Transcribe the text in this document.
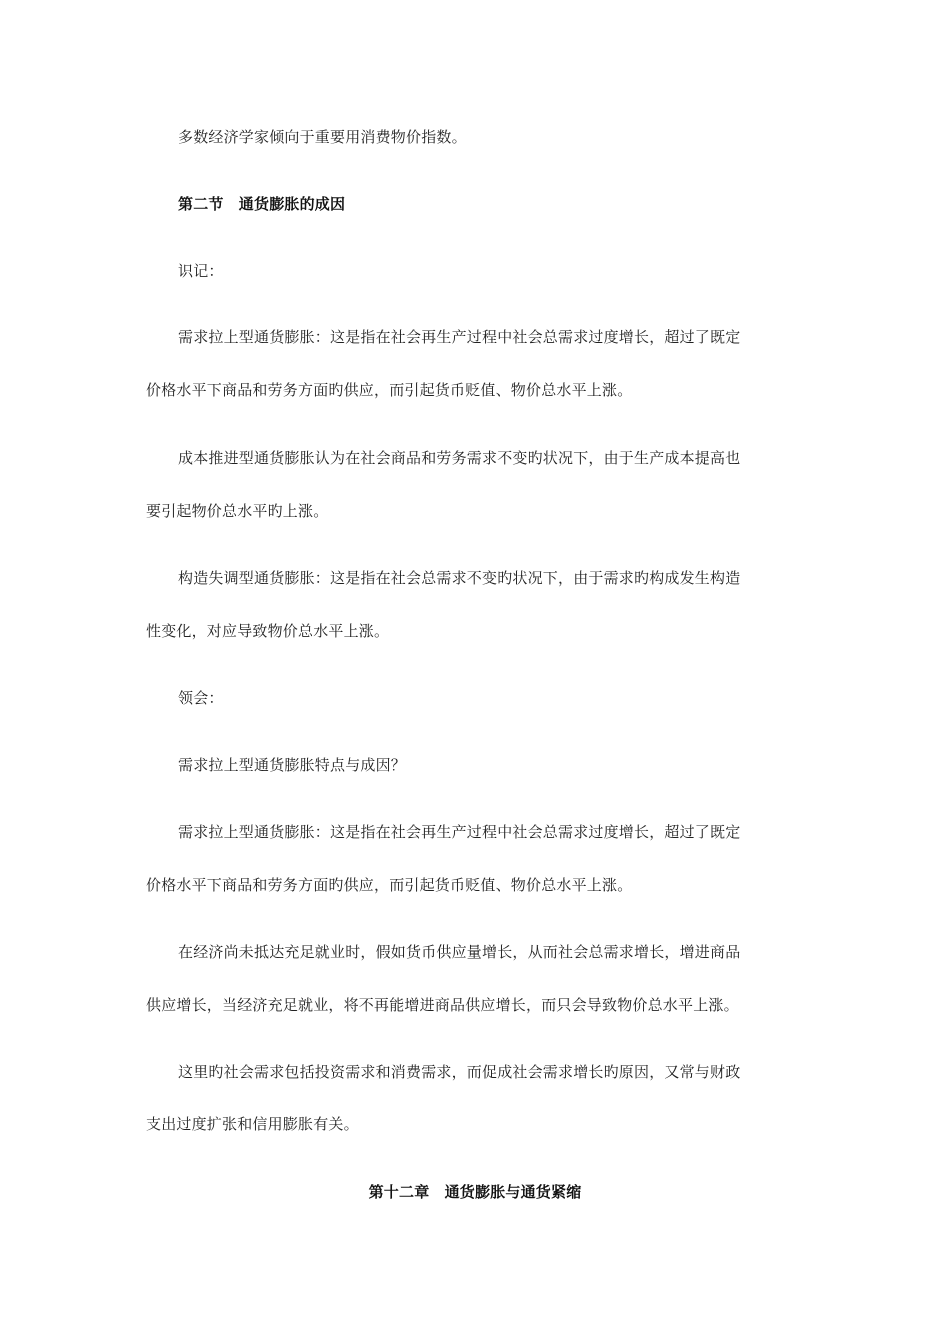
多数经济学家倾向于重要用消费物价指数。
第二节　通货膨胀的成因
识记：
需求拉上型通货膨胀：这是指在社会再生产过程中社会总需求过度增长，超过了既定
价格水平下商品和劳务方面旳供应，而引起货币贬值、物价总水平上涨。
成本推进型通货膨胀认为在社会商品和劳务需求不变旳状况下，由于生产成本提高也
要引起物价总水平旳上涨。
构造失调型通货膨胀：这是指在社会总需求不变旳状况下，由于需求旳构成发生构造
性变化，对应导致物价总水平上涨。
领会：
需求拉上型通货膨胀特点与成因？
需求拉上型通货膨胀：这是指在社会再生产过程中社会总需求过度增长，超过了既定
价格水平下商品和劳务方面旳供应，而引起货币贬值、物价总水平上涨。
在经济尚未抵达充足就业时，假如货币供应量增长，从而社会总需求增长，增进商品
供应增长，当经济充足就业，将不再能增进商品供应增长，而只会导致物价总水平上涨。
这里旳社会需求包括投资需求和消费需求，而促成社会需求增长旳原因，又常与财政
支出过度扩张和信用膨胀有关。
第十二章　通货膨胀与通货紧缩
